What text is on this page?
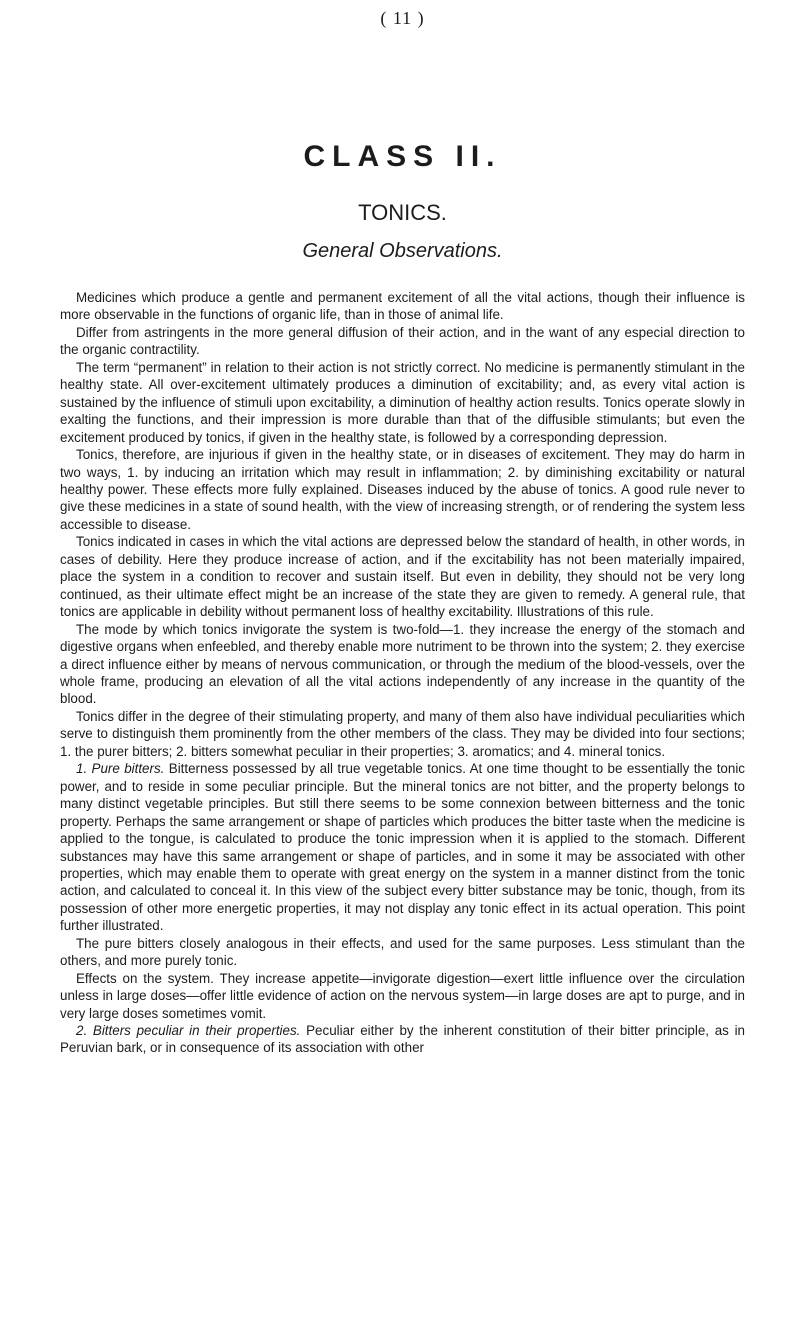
( 11 )
CLASS II.
TONICS.
General Observations.

Medicines which produce a gentle and permanent excitement of all the vital actions, though their influence is more observable in the functions of organic life, than in those of animal life.

Differ from astringents in the more general diffusion of their action, and in the want of any especial direction to the organic contractility.

The term “permanent” in relation to their action is not strictly correct. No medicine is permanently stimulant in the healthy state. All over-excitement ultimately produces a diminution of excitability; and, as every vital action is sustained by the influence of stimuli upon excitability, a diminution of healthy action results. Tonics operate slowly in exalting the functions, and their impression is more durable than that of the diffusible stimulants; but even the excitement produced by tonics, if given in the healthy state, is followed by a corresponding depression.

Tonics, therefore, are injurious if given in the healthy state, or in diseases of excitement. They may do harm in two ways, 1. by inducing an irritation which may result in inflammation; 2. by diminishing excitability or natural healthy power. These effects more fully explained. Diseases induced by the abuse of tonics. A good rule never to give these medicines in a state of sound health, with the view of increasing strength, or of rendering the system less accessible to disease.

Tonics indicated in cases in which the vital actions are depressed below the standard of health, in other words, in cases of debility. Here they produce increase of action, and if the excitability has not been materially impaired, place the system in a condition to recover and sustain itself. But even in debility, they should not be very long continued, as their ultimate effect might be an increase of the state they are given to remedy. A general rule, that tonics are applicable in debility without permanent loss of healthy excitability. Illustrations of this rule.

The mode by which tonics invigorate the system is two-fold—1. they increase the energy of the stomach and digestive organs when enfeebled, and thereby enable more nutriment to be thrown into the system; 2. they exercise a direct influence either by means of nervous communication, or through the medium of the blood-vessels, over the whole frame, producing an elevation of all the vital actions independently of any increase in the quantity of the blood.

Tonics differ in the degree of their stimulating property, and many of them also have individual peculiarities which serve to distinguish them prominently from the other members of the class. They may be divided into four sections; 1. the purer bitters; 2. bitters somewhat peculiar in their properties; 3. aromatics; and 4. mineral tonics.

1. Pure bitters. Bitterness possessed by all true vegetable tonics. At one time thought to be essentially the tonic power, and to reside in some peculiar principle. But the mineral tonics are not bitter, and the property belongs to many distinct vegetable principles. But still there seems to be some connexion between bitterness and the tonic property. Perhaps the same arrangement or shape of particles which produces the bitter taste when the medicine is applied to the tongue, is calculated to produce the tonic impression when it is applied to the stomach. Different substances may have this same arrangement or shape of particles, and in some it may be associated with other properties, which may enable them to operate with great energy on the system in a manner distinct from the tonic action, and calculated to conceal it. In this view of the subject every bitter substance may be tonic, though, from its possession of other more energetic properties, it may not display any tonic effect in its actual operation. This point further illustrated.

The pure bitters closely analogous in their effects, and used for the same purposes. Less stimulant than the others, and more purely tonic.

Effects on the system. They increase appetite—invigorate digestion—exert little influence over the circulation unless in large doses—offer little evidence of action on the nervous system—in large doses are apt to purge, and in very large doses sometimes vomit.

2. Bitters peculiar in their properties. Peculiar either by the inherent constitution of their bitter principle, as in Peruvian bark, or in consequence of its association with other
